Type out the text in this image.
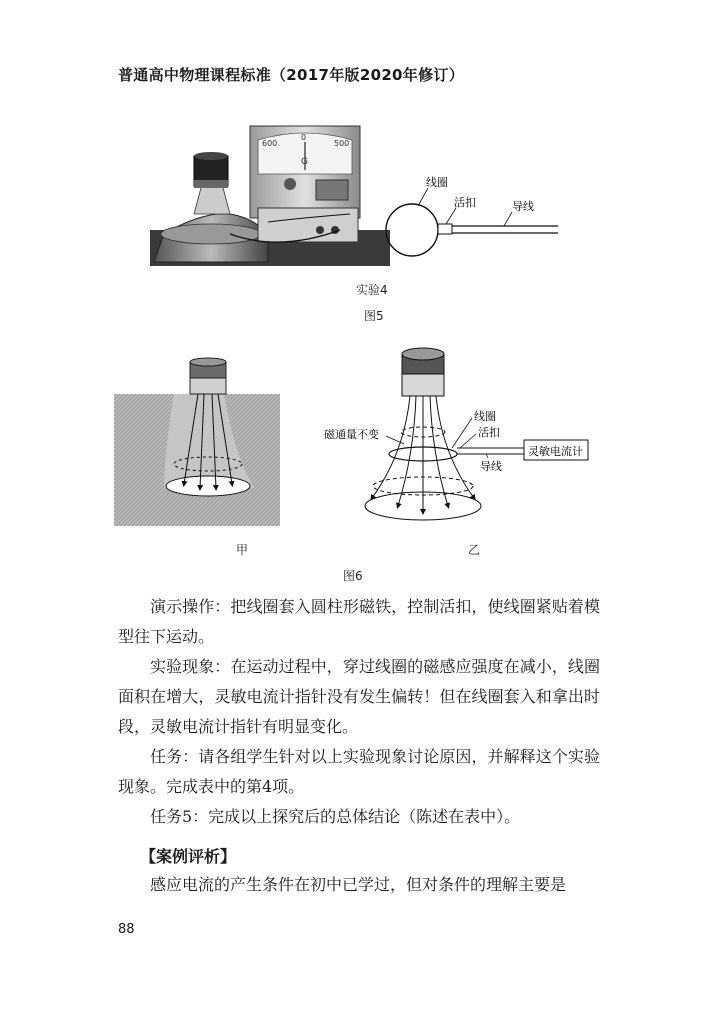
普通高中物理课程标准（2017年版2020年修订）
600
0
500
G
线圈
活扣	导线
实验4
图5
灵敏电流计
磁通量不变
线圈
活扣
导线
甲	乙
图6

演示操作：把线圈套入圆柱形磁铁，控制活扣，使线圈紧贴着模型往下运动。

实验现象：在运动过程中，穿过线圈的磁感应强度在减小，线圈面积在增大，灵敏电流计指针没有发生偏转！但在线圈套入和拿出时段，灵敏电流计指针有明显变化。

任务：请各组学生针对以上实验现象讨论原因，并解释这个实验现象。完成表中的第4项。

任务5：完成以上探究后的总体结论（陈述在表中）。

【案例评析】

感应电流的产生条件在初中已学过，但对条件的理解主要是

88
